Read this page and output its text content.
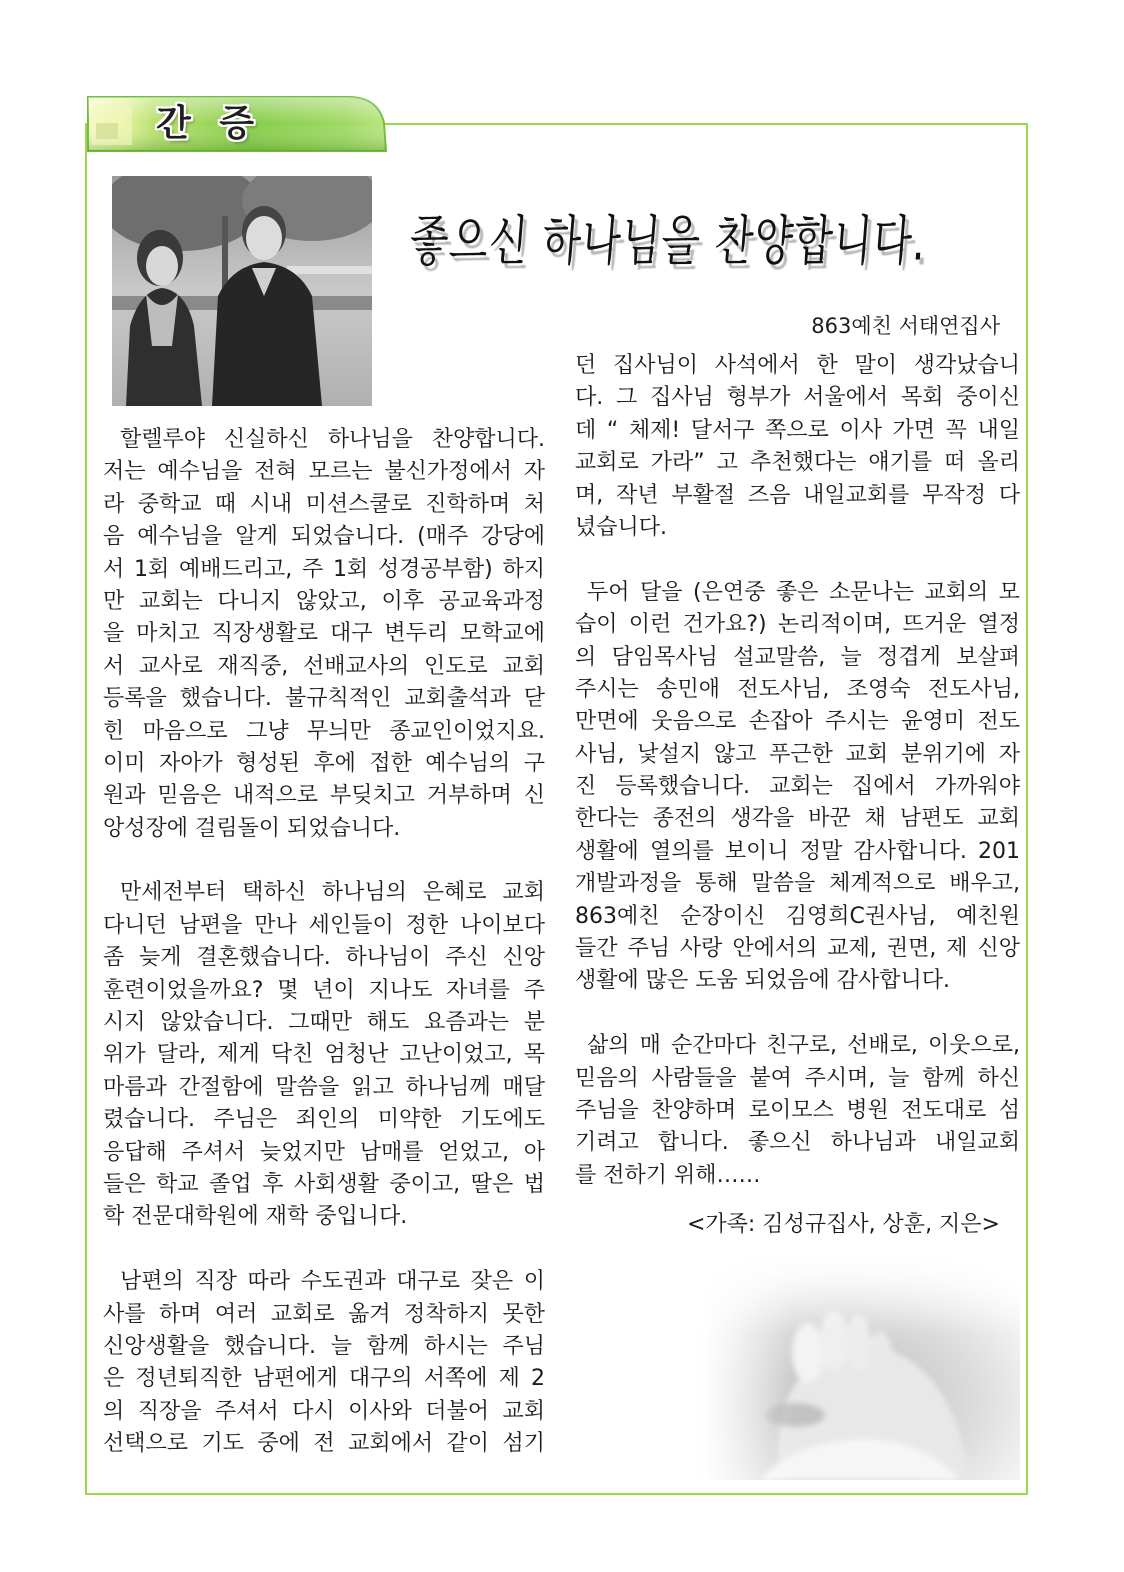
간 증
좋으신 하나님을 찬양합니다.
863예친 서태연집사
할렐루야 신실하신 하나님을 찬양합니다.
저는 예수님을 전혀 모르는 불신가정에서 자
라 중학교 때 시내 미션스쿨로 진학하며 처
음 예수님을 알게 되었습니다. (매주 강당에
서 1회 예배드리고, 주 1회 성경공부함) 하지
만 교회는 다니지 않았고, 이후 공교육과정
을 마치고 직장생활로 대구 변두리 모학교에
서 교사로 재직중, 선배교사의 인도로 교회
등록을 했습니다. 불규칙적인 교회출석과 닫
힌 마음으로 그냥 무늬만 종교인이었지요.
이미 자아가 형성된 후에 접한 예수님의 구
원과 믿음은 내적으로 부딪치고 거부하며 신
앙성장에 걸림돌이 되었습니다.
만세전부터 택하신 하나님의 은혜로 교회
다니던 남편을 만나 세인들이 정한 나이보다
좀 늦게 결혼했습니다. 하나님이 주신 신앙
훈련이었을까요? 몇 년이 지나도 자녀를 주
시지 않았습니다. 그때만 해도 요즘과는 분
위가 달라, 제게 닥친 엄청난 고난이었고, 목
마름과 간절함에 말씀을 읽고 하나님께 매달
렸습니다. 주님은 죄인의 미약한 기도에도
응답해 주셔서 늦었지만 남매를 얻었고, 아
들은 학교 졸업 후 사회생활 중이고, 딸은 법
학 전문대학원에 재학 중입니다.
남편의 직장 따라 수도권과 대구로 잦은 이
사를 하며 여러 교회로 옮겨 정착하지 못한
신앙생활을 했습니다. 늘 함께 하시는 주님
은 정년퇴직한 남편에게 대구의 서쪽에 제 2
의 직장을 주셔서 다시 이사와 더불어 교회
선택으로 기도 중에 전 교회에서 같이 섬기
던 집사님이 사석에서 한 말이 생각났습니
다. 그 집사님 형부가 서울에서 목회 중이신
데 “ 체제! 달서구 쪽으로 이사 가면 꼭 내일
교회로 가라” 고 추천했다는 얘기를 떠 올리
며, 작년 부활절 즈음 내일교회를 무작정 다
녔습니다.
두어 달을 (은연중 좋은 소문나는 교회의 모
습이 이런 건가요?) 논리적이며, 뜨거운 열정
의 담임목사님 설교말씀, 늘 정겹게 보살펴
주시는 송민애 전도사님, 조영숙 전도사님,
만면에 웃음으로 손잡아 주시는 윤영미 전도
사님, 낯설지 않고 푸근한 교회 분위기에 자
진 등록했습니다. 교회는 집에서 가까워야
한다는 종전의 생각을 바꾼 채 남편도 교회
생활에 열의를 보이니 정말 감사합니다. 201
개발과정을 통해 말씀을 체계적으로 배우고,
863예친 순장이신 김영희C권사님, 예친원
들간 주님 사랑 안에서의 교제, 권면, 제 신앙
생활에 많은 도움 되었음에 감사합니다.
삶의 매 순간마다 친구로, 선배로, 이웃으로,
믿음의 사람들을 붙여 주시며, 늘 함께 하신
주님을 찬양하며 로이모스 병원 전도대로 섬
기려고 합니다. 좋으신 하나님과 내일교회
를 전하기 위해……
<가족: 김성규집사, 상훈, 지은>
